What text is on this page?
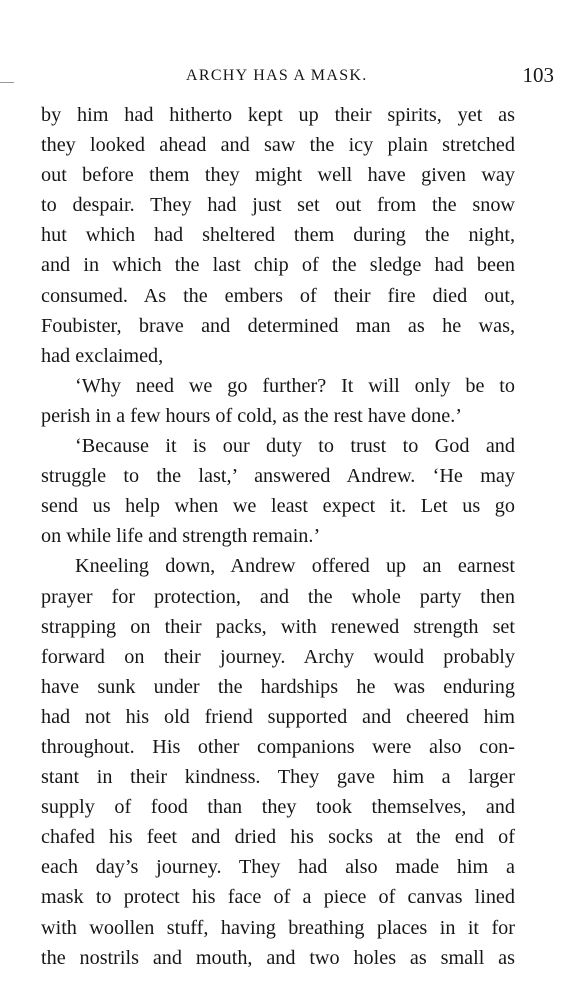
ARCHY HAS A MASK.	103
by him had hitherto kept up their spirits, yet as
they looked ahead and saw the icy plain stretched
out before them they might well have given way
to despair. They had just set out from the snow
hut which had sheltered them during the night,
and in which the last chip of the sledge had been
consumed. As the embers of their fire died out,
Foubister, brave and determined man as he was,
had exclaimed,
‘Why need we go further? It will only be to
perish in a few hours of cold, as the rest have done.’
‘Because it is our duty to trust to God and
struggle to the last,’ answered Andrew. ‘He may
send us help when we least expect it. Let us go
on while life and strength remain.’
Kneeling down, Andrew offered up an earnest
prayer for protection, and the whole party then
strapping on their packs, with renewed strength set
forward on their journey. Archy would probably
have sunk under the hardships he was enduring
had not his old friend supported and cheered him
throughout. His other companions were also con-
stant in their kindness. They gave him a larger
supply of food than they took themselves, and
chafed his feet and dried his socks at the end of
each day’s journey. They had also made him a
mask to protect his face of a piece of canvas lined
with woollen stuff, having breathing places in it for
the nostrils and mouth, and two holes as small as
